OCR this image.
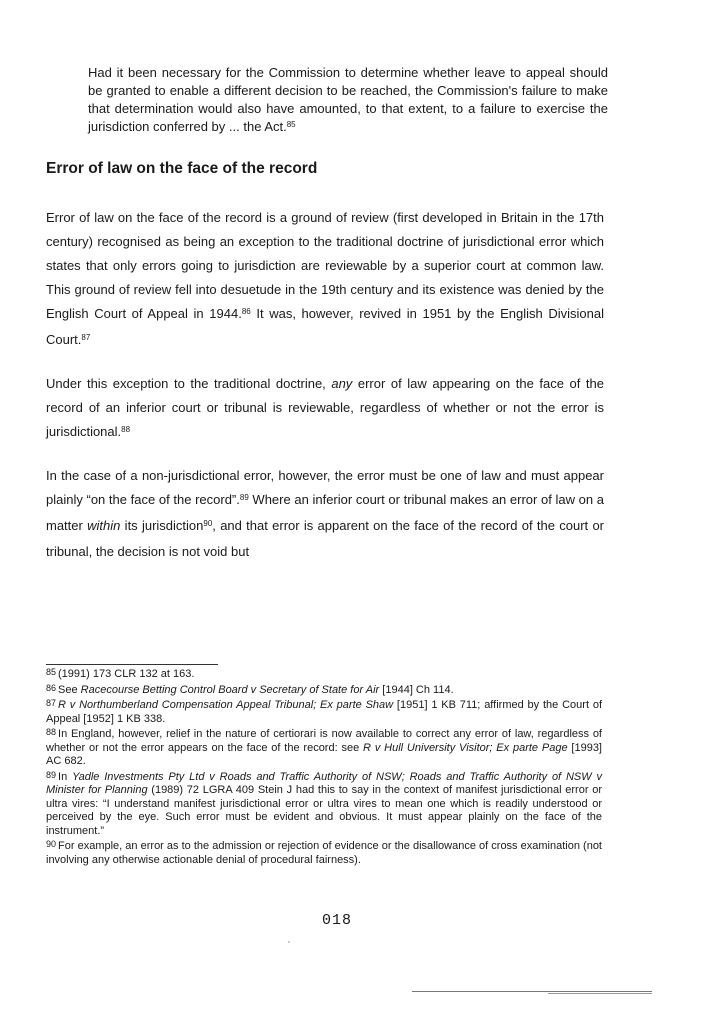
Had it been necessary for the Commission to determine whether leave to appeal should be granted to enable a different decision to be reached, the Commission's failure to make that determination would also have amounted, to that extent, to a failure to exercise the jurisdiction conferred by ... the Act.$^{85}$
Error of law on the face of the record
Error of law on the face of the record is a ground of review (first developed in Britain in the 17th century) recognised as being an exception to the traditional doctrine of jurisdictional error which states that only errors going to jurisdiction are reviewable by a superior court at common law. This ground of review fell into desuetude in the 19th century and its existence was denied by the English Court of Appeal in 1944.86 It was, however, revived in 1951 by the English Divisional Court.$^{87}$
Under this exception to the traditional doctrine, any error of law appearing on the face of the record of an inferior court or tribunal is reviewable, regardless of whether or not the error is jurisdictional.$^{88}$
In the case of a non-jurisdictional error, however, the error must be one of law and must appear plainly “on the face of the record”.$^{89}$ Where an inferior court or tribunal makes an error of law on a matter within its jurisdiction$^{90}$, and that error is apparent on the face of the record of the court or tribunal, the decision is not void but

85 (1991) 173 CLR 132 at 163.

86 See Racecourse Betting Control Board v Secretary of State for Air [1944] Ch 114.

87 R v Northumberland Compensation Appeal Tribunal; Ex parte Shaw [1951] 1 KB 711; affirmed by the Court of Appeal [1952] 1 KB 338.

88 In England, however, relief in the nature of certiorari is now available to correct any error of law, regardless of whether or not the error appears on the face of the record: see R v Hull University Visitor; Ex parte Page [1993] AC 682.

89 In Yadle Investments Pty Ltd v Roads and Traffic Authority of NSW; Roads and Traffic Authority of NSW v Minister for Planning (1989) 72 LGRA 409 Stein J had this to say in the context of manifest jurisdictional error or ultra vires: “I understand manifest jurisdictional error or ultra vires to mean one which is readily understood or perceived by the eye. Such error must be evident and obvious. It must appear plainly on the face of the instrument.”

90 For example, an error as to the admission or rejection of evidence or the disallowance of cross examination (not involving any otherwise actionable denial of procedural fairness).

018
